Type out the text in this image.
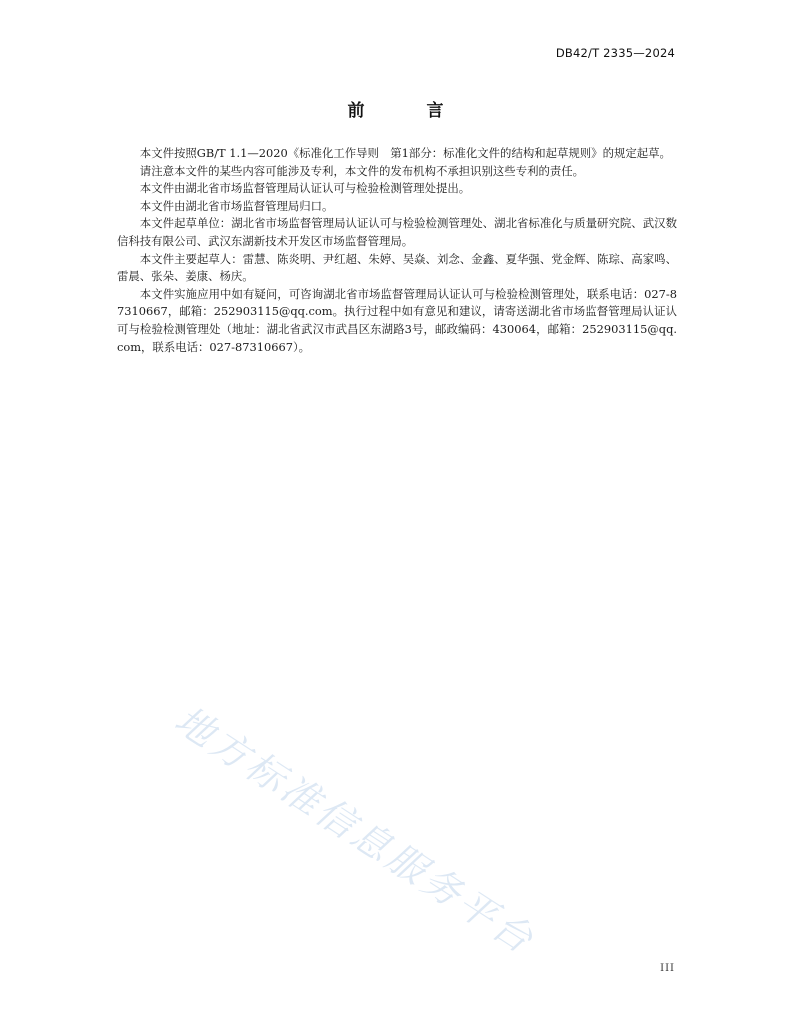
DB42/T 2335—2024
前 言

本文件按照GB/T 1.1—2020《标准化工作导则　第1部分：标准化文件的结构和起草规则》的规定起草。

请注意本文件的某些内容可能涉及专利，本文件的发布机构不承担识别这些专利的责任。

本文件由湖北省市场监督管理局认证认可与检验检测管理处提出。

本文件由湖北省市场监督管理局归口。

本文件起草单位：湖北省市场监督管理局认证认可与检验检测管理处、湖北省标准化与质量研究院、武汉数信科技有限公司、武汉东湖新技术开发区市场监督管理局。

本文件主要起草人：雷慧、陈炎明、尹红超、朱婷、吴焱、刘念、金鑫、夏华强、党金辉、陈琮、高家鸣、雷晨、张朵、姜康、杨庆。

本文件实施应用中如有疑问，可咨询湖北省市场监督管理局认证认可与检验检测管理处，联系电话：027-87310667，邮箱：252903115@qq.com。执行过程中如有意见和建议，请寄送湖北省市场监督管理局认证认可与检验检测管理处（地址：湖北省武汉市武昌区东湖路3号，邮政编码：430064，邮箱：252903115@qq.com，联系电话：027-87310667）。

地方标准信息服务平台
III
